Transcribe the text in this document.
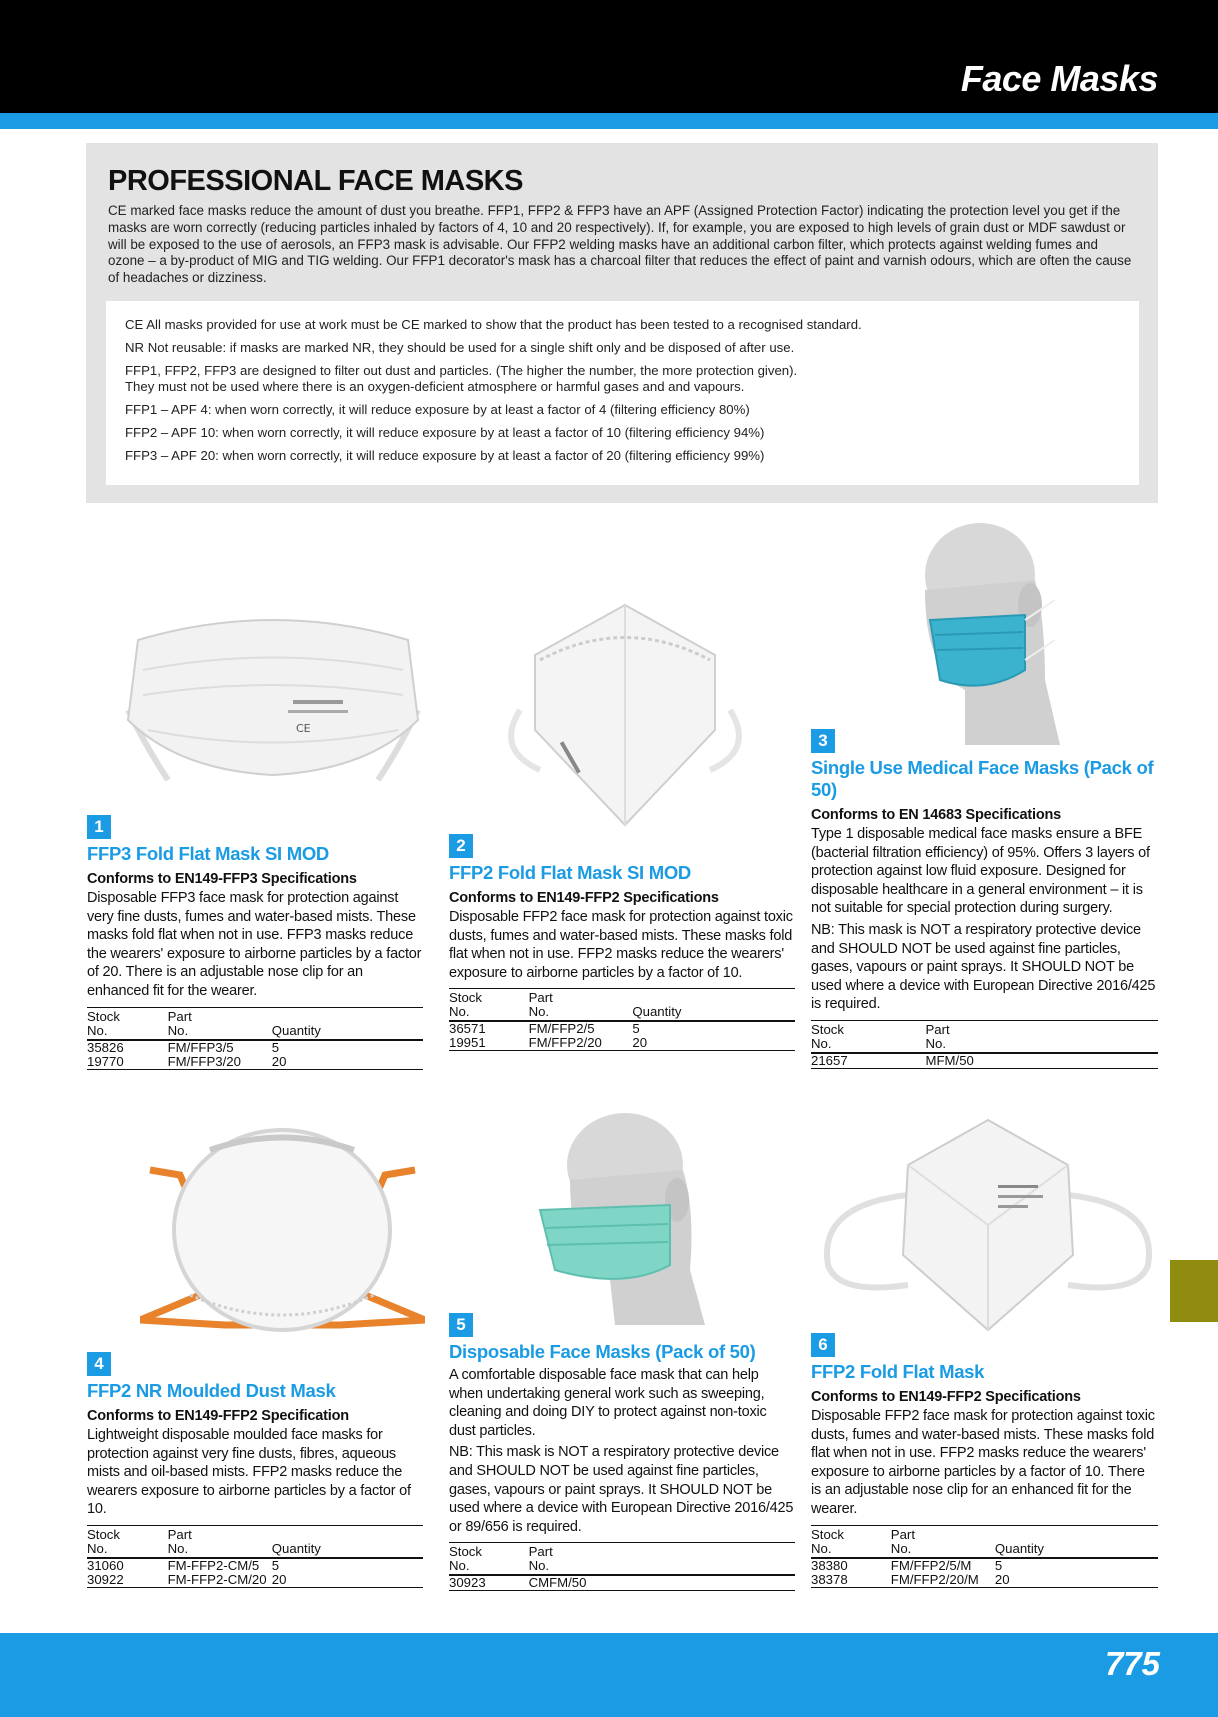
Face Masks
PROFESSIONAL FACE MASKS
CE marked face masks reduce the amount of dust you breathe. FFP1, FFP2 & FFP3 have an APF (Assigned Protection Factor) indicating the protection level you get if the masks are worn correctly (reducing particles inhaled by factors of 4, 10 and 20 respectively). If, for example, you are exposed to high levels of grain dust or MDF sawdust or will be exposed to the use of aerosols, an FFP3 mask is advisable. Our FFP2 welding masks have an additional carbon filter, which protects against welding fumes and ozone – a by-product of MIG and TIG welding. Our FFP1 decorator's mask has a charcoal filter that reduces the effect of paint and varnish odours, which are often the cause of headaches or dizziness.

CE All masks provided for use at work must be CE marked to show that the product has been tested to a recognised standard.

NR Not reusable: if masks are marked NR, they should be used for a single shift only and be disposed of after use.

FFP1, FFP2, FFP3 are designed to filter out dust and particles. (The higher the number, the more protection given).

They must not be used where there is an oxygen-deficient atmosphere or harmful gases and and vapours.

FFP1 – APF 4: when worn correctly, it will reduce exposure by at least a factor of 4 (filtering efficiency 80%)

FFP2 – APF 10: when worn correctly, it will reduce exposure by at least a factor of 10 (filtering efficiency 94%)

FFP3 – APF 20: when worn correctly, it will reduce exposure by at least a factor of 20 (filtering efficiency 99%)

CE
1
FFP3 Fold Flat Mask SI MOD
Conforms to EN149-FFP3 Specifications
Disposable FFP3 face mask for protection against very fine dusts, fumes and water-based mists. These masks fold flat when not in use. FFP3 masks reduce the wearers' exposure to airborne particles by a factor of 20. There is an adjustable nose clip for an enhanced fit for the wearer.
Stock
No.	Part
No.	Quantity
35826	FM/FFP3/5	5
19770	FM/FFP3/20	20
2
FFP2 Fold Flat Mask SI MOD
Conforms to EN149-FFP2 Specifications
Disposable FFP2 face mask for protection against toxic dusts, fumes and water-based mists. These masks fold flat when not in use. FFP2 masks reduce the wearers' exposure to airborne particles by a factor of 10.
Stock
No.	Part
No.	Quantity
36571	FM/FFP2/5	5
19951	FM/FFP2/20	20
3
Single Use Medical Face Masks (Pack of 50)
Conforms to EN 14683 Specifications
Type 1 disposable medical face masks ensure a BFE (bacterial filtration efficiency) of 95%. Offers 3 layers of protection against low fluid exposure. Designed for disposable healthcare in a general environment – it is not suitable for special protection during surgery.
NB: This mask is NOT a respiratory protective device and SHOULD NOT be used against fine particles, gases, vapours or paint sprays. It SHOULD NOT be used where a device with European Directive 2016/425 is required.
Stock
No.	Part
No.
21657	MFM/50
4
FFP2 NR Moulded Dust Mask
Conforms to EN149-FFP2 Specification
Lightweight disposable moulded face masks for protection against very fine dusts, fibres, aqueous mists and oil-based mists. FFP2 masks reduce the wearers exposure to airborne particles by a factor of 10.
Stock
No.	Part
No.	Quantity
31060	FM-FFP2-CM/5	5
30922	FM-FFP2-CM/20	20
5
Disposable Face Masks (Pack of 50)
A comfortable disposable face mask that can help when undertaking general work such as sweeping, cleaning and doing DIY to protect against non-toxic dust particles.
NB: This mask is NOT a respiratory protective device and SHOULD NOT be used against fine particles, gases, vapours or paint sprays. It SHOULD NOT be used where a device with European Directive 2016/425 or 89/656 is required.
Stock
No.	Part
No.
30923	CMFM/50
6
FFP2 Fold Flat Mask
Conforms to EN149-FFP2 Specifications
Disposable FFP2 face mask for protection against toxic dusts, fumes and water-based mists. These masks fold flat when not in use. FFP2 masks reduce the wearers' exposure to airborne particles by a factor of 10. There is an adjustable nose clip for an enhanced fit for the wearer.
Stock
No.	Part
No.	Quantity
38380	FM/FFP2/5/M	5
38378	FM/FFP2/20/M	20
775
